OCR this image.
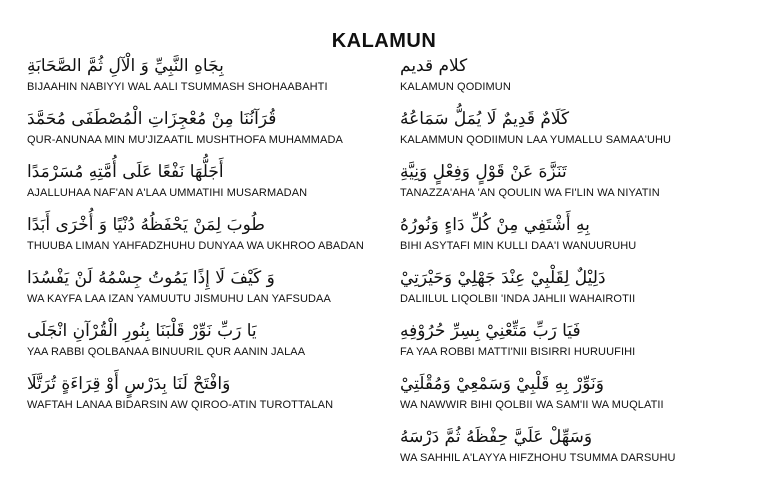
KALAMUN
بِجَاهِ النَّبِيِّ وَ الْآلِ ثُمَّ الصَّحَابَةِ
BIJAAHIN NABIYYI WAL AALI TSUMMASH SHOHAABAHTI
قُرَآنُنَا مِنْ مُعْجِزَاتِ الْمُصْطَفَى مُحَمَّدَ
QUR-ANUNAA MIN MU'JIZAATIL MUSHTHOFA MUHAMMADA
أَجَلُّهَا نَفْعًا عَلَى أُمَّتِهِ مُسَرْمَدًا
AJALLUHAA NAF'AN A'LAA UMMATIHI MUSARMADAN
طُوبَ لِمَنْ يَحْفَظُهُ دُنْيًا وَ أُخْرَى أَبَدًا
THUUBA LIMAN YAHFADZHUHU DUNYAA WA UKHROO ABADAN
وَ كَيْفَ لَا إِذًا يَمُوتُ جِسْمُهُ لَنْ يَفْسُدَا
WA KAYFA LAA IZAN YAMUUTU JISMUHU LAN YAFSUDAA
يَا رَبِّ نَوِّرْ قَلْبَنَا بِنُورِ الْقُرْآنِ انْجَلَى
YAA RABBI QOLBANAA BINUURIL QUR AANIN JALAA
وَافْتَحْ لَنَا بِدَرْسٍ أَوْ قِرَاءَةٍ تُرَتَّلَا
WAFTAH LANAA BIDARSIN AW QIROO-ATIN TUROTTALAN
كلام قديم
KALAMUN QODIMUN
كَلَامٌ قَدِيمٌ لَا يُمَلُّ سَمَاعُهُ
KALAMMUN QODIIMUN LAA YUMALLU SAMAA'UHU
تَنَزَّهَ عَنْ قَوْلٍ وَفِعْلٍ وَنِيَّةِ
TANAZZA'AHA 'AN QOULIN WA FI'LIN WA NIYATIN
بِهِ أَشْتَفِي مِنْ كُلِّ دَاءٍ وَنُورُهُ
BIHI ASYTAFI MIN KULLI DAA'I WANUURUHU
دَلِيْلٌ لِقَلْبِيْ عِنْدَ جَهْلِيْ وَحَيْرَتِيْ
DALIILUL LIQOLBII 'INDA JAHLII WAHAIROTII
فَيَا رَبِّ مَتِّعْنِيْ بِسِرِّ حُرُوْفِهِ
FA YAA ROBBI MATTI'NII BISIRRI HURUUFIHI
وَنَوِّرْ بِهِ قَلْبِيْ وَسَمْعِيْ وَمُقْلَتِيْ
WA NAWWIR BIHI QOLBII WA SAM'II WA MUQLATII
وَسَهِّلْ عَلَيَّ حِفْظَهُ ثُمَّ دَرْسَهُ
WA SAHHIL A'LAYYA HIFZHOHU TSUMMA DARSUHU
